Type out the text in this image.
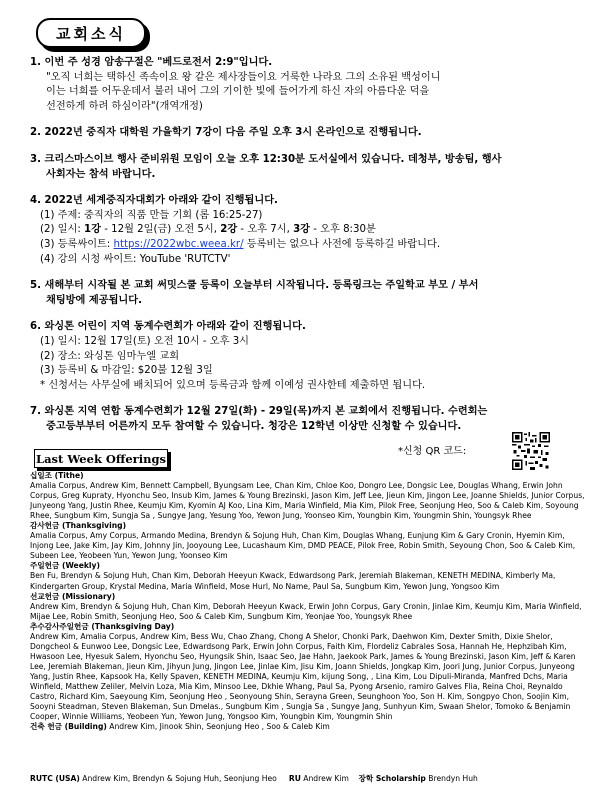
교회소식

1. 이번 주 성경 암송구절은 "베드로전서 2:9"입니다.

"오직 너희는 택하신 족속이요 왕 같은 제사장들이요 거룩한 나라요 그의 소유된 백성이니

이는 너희를 어두운데서 불러 내어 그의 기이한 빛에 들어가게 하신 자의 아름다운 덕을

선전하게 하려 하심이라"(개역개정)

2. 2022년 중직자 대학원 가을학기 7강이 다음 주일 오후 3시 온라인으로 진행됩니다.

3. 크리스마스이브 행사 준비위원 모임이 오늘 오후 12:30분 도서실에서 있습니다. 데청부, 방송팀, 행사

사회자는 참석 바랍니다.

4. 2022년 세계중직자대회가 아래와 같이 진행됩니다.

(1) 주제: 중직자의 직품 만들 기회 (롬 16:25-27)

(2) 일시: 1강 - 12월 2일(금) 오전 5시, 2강 - 오후 7시, 3강 - 오후 8:30분

(3) 등록싸이트: https://2022wbc.weea.kr/ 등록비는 없으나 사전에 등록하길 바랍니다.

(4) 강의 시청 싸이트: YouTube 'RUTCTV'

5. 새해부터 시작될 본 교회 써밋스쿨 등록이 오늘부터 시작됩니다. 등록링크는 주일학교 부모 / 부서

채팅방에 제공됩니다.

6. 와싱톤 어린이 지역 동계수련회가 아래와 같이 진행됩니다.

(1) 일시: 12월 17일(토) 오전 10시 - 오후 3시

(2) 장소: 와싱톤 임마누엘 교회

(3) 등록비 & 마감일: $20불 12월 3일

* 신청서는 사무실에 배치되어 있으며 등록금과 함께 이예성 권사한테 제출하면 됩니다.

7. 와싱톤 지역 연합 동계수련회가 12월 27일(화) - 29일(목)까지 본 교회에서 진행됩니다. 수련회는

중고등부부터 어른까지 모두 참여할 수 있습니다. 청강은 12학년 이상만 신청할 수 있습니다.

*신청 QR 코드:
Last Week Offerings

십일조 (Tithe)

Amalia Corpus, Andrew Kim, Bennett Campbell, Byungsam Lee, Chan Kim, Chloe Koo, Dongro Lee, Dongsic Lee, Douglas Whang, Erwin John Corpus, Greg Kupraty, Hyonchu Seo, Insub Kim, James & Young Brezinski, Jason Kim, Jeff Lee, Jieun Kim, Jingon Lee, Joanne Shields, Junior Corpus, Junyeong Yang, Justin Rhee, Keumju Kim, Kyomin AJ Koo, Lina Kim, Maria Winfield, Mia Kim, Pilok Free, Seonjung Heo, Soo & Caleb Kim, Soyoung Rhee, Sungbum Kim, Sungja Sa , Sungye Jang, Yesung Yoo, Yewon Jung, Yoonseo Kim, Youngbin Kim, Youngmin Shin, Youngsyk Rhee

감사헌금 (Thanksgiving)

Amalia Corpus, Amy Corpus, Armando Medina, Brendyn & Sojung Huh, Chan Kim, Douglas Whang, Eunjung Kim & Gary Cronin, Hyemin Kim, Injong Lee, Jake Kim, Jay Kim, Johnny Jin, Jooyoung Lee, Lucashaum Kim, DMD PEACE, Pilok Free, Robin Smith, Seyoung Chon, Soo & Caleb Kim, Subeen Lee, Yeobeen Yun, Yewon Jung, Yoonseo Kim

주일헌금 (Weekly)

Ben Fu, Brendyn & Sojung Huh, Chan Kim, Deborah Heeyun Kwack, Edwardsong Park, Jeremiah Blakeman, KENETH MEDINA, Kimberly Ma, Kindergarten Group, Krystal Medina, Maria Winfield, Mose Hurl, No Name, Paul Sa, Sungbum Kim, Yewon Jung, Yongsoo Kim

선교헌금 (Missionary)

Andrew Kim, Brendyn & Sojung Huh, Chan Kim, Deborah Heeyun Kwack, Erwin John Corpus, Gary Cronin, Jinlae Kim, Keumju Kim, Maria Winfield, Mijae Lee, Robin Smith, Seonjung Heo, Soo & Caleb Kim, Sungbum Kim, Yeonjae Yoo, Youngsyk Rhee

추수감사주일헌금 (Thanksgiving Day)

Andrew Kim, Amalia Corpus, Andrew Kim, Bess Wu, Chao Zhang, Chong A Shelor, Chonki Park, Daehwon Kim, Dexter Smith, Dixie Shelor, Dongcheol & Eunwoo Lee, Dongsic Lee, Edwardsong Park, Erwin John Corpus, Faith Kim, Flordeliz Cabrales Sosa, Hannah He, Hephzibah Kim, Hwasoon Lee, Hyesuk Salem, Hyonchu Seo, Hyungsik Shin, Isaac Seo, Jae Hahn, Jaekook Park, James & Young Brezinski, Jason Kim, Jeff & Karen Lee, Jeremiah Blakeman, Jieun Kim, Jihyun Jung, Jingon Lee, Jinlae Kim, Jisu Kim, Joann Shields, Jongkap Kim, Joori Jung, Junior Corpus, Junyeong Yang, Justin Rhee, Kapsook Ha, Kelly Spaven, KENETH MEDINA, Keumju Kim, kijung Song, , Lina Kim, Lou Dipuli-Miranda, Manfred Dchs, Maria Winfield, Matthew Zeliler, Melvin Loza, Mia Kim, Minsoo Lee, Dkhie Whang, Paul Sa, Pyong Arsenio, ramiro Galves Flia, Reina Choi, Reynaldo Castro, Richard Kim, Saeyoung Kim, Seonjung Heo , Seonyoung Shin, Serayna Green, Seunghoon Yoo, Son H. Kim, Songpyo Chon, Soojin Kim, Sooyni Steadman, Steven Blakeman, Sun Dmelas., Sungbum Kim , Sungja Sa , Sungye Jang, Sunhyun Kim, Swaan Shelor, Tomoko & Benjamin Cooper, Winnie Williams, Yeobeen Yun, Yewon Jung, Yongsoo Kim, Youngbin Kim, Youngmin Shin

건축 헌금 (Building) Andrew Kim, Jinook Shin, Seonjung Heo , Soo & Caleb Kim

RUTC (USA) Andrew Kim, Brendyn & Sojung Huh, Seonjung Heo RU Andrew Kim 장학 Scholarship Brendyn Huh
